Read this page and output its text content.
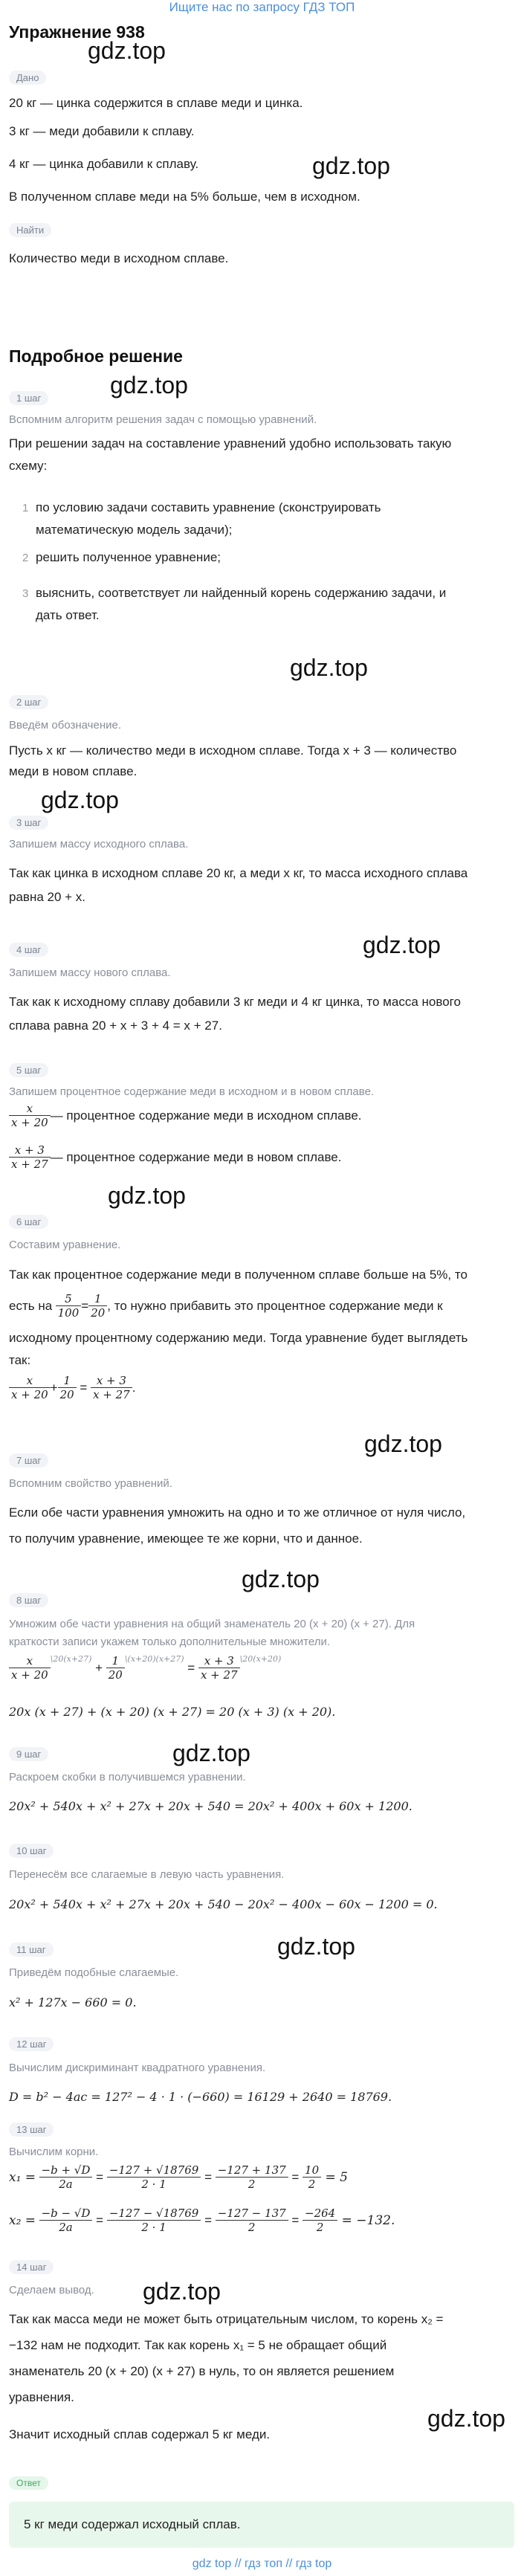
Ищите нас по запросу ГДЗ ТОП
Упражнение 938
gdz.top
Дано
20 кг — цинка содержится в сплаве меди и цинка.
3 кг — меди добавили к сплаву.
gdz.top
4 кг — цинка добавили к сплаву.
В полученном сплаве меди на 5% больше, чем в исходном.
Найти
Количество меди в исходном сплаве.
Подробное решение
gdz.top
1 шаг
Вспомним алгоритм решения задач с помощью уравнений.
При решении задач на составление уравнений удобно использовать такую
схему:
1 по условию задачи составить уравнение (сконструировать
математическую модель задачи);
2 решить полученное уравнение;
3 выяснить, соответствует ли найденный корень содержанию задачи, и
дать ответ.
gdz.top
2 шаг
Введём обозначение.
Пусть x кг — количество меди в исходном сплаве. Тогда x + 3 — количество
меди в новом сплаве.
gdz.top
3 шаг
Запишем массу исходного сплава.
Так как цинка в исходном сплаве 20 кг, а меди x кг, то масса исходного сплава
равна 20 + x.
gdz.top
4 шаг
Запишем массу нового сплава.
Так как к исходному сплаву добавили 3 кг меди и 4 кг цинка, то масса нового
сплава равна 20 + x + 3 + 4 = x + 27.
5 шаг
Запишем процентное содержание меди в исходном и в новом сплаве.
$\frac{x}{x + 20}$ — процентное содержание меди в исходном сплаве.
$\frac{x + 3}{x + 27}$ — процентное содержание меди в новом сплаве.
gdz.top
6 шаг
Составим уравнение.
Так как процентное содержание меди в полученном сплаве больше на 5%, то
есть на
$\frac{5}{100} = \frac{1}{20}$ , то нужно прибавить это процентное содержание меди к
исходному процентному содержанию меди. Тогда уравнение будет выглядеть
так:
$\frac{x}{x + 20} + \frac{1}{20} = \frac{x + 3}{x + 27}$ .
gdz.top
7 шаг
Вспомним свойство уравнений.
Если обе части уравнения умножить на одно и то же отличное от нуля число,
то получим уравнение, имеющее те же корни, что и данное.
gdz.top
8 шаг
Умножим обе части уравнения на общий знаменатель 20 (x + 20) (x + 27). Для
краткости записи укажем только дополнительные множители.
$\frac{x}{x + 20}$ \20(x+27)
+ $\frac{1}{20}$ \(x+20)(x+27)
= $\frac{x + 3}{x + 27}$ \20(x+20)
20x (x + 27) + (x + 20) (x + 27) = 20 (x + 3) (x + 20).
gdz.top
9 шаг
Раскроем скобки в получившемся уравнении.
20x² + 540x + x² + 27x + 20x + 540 = 20x² + 400x + 60x + 1200.
10 шаг
Перенесём все слагаемые в левую часть уравнения.
20x² + 540x + x² + 27x + 20x + 540 − 20x² − 400x − 60x − 1200 = 0.
gdz.top
11 шаг
Приведём подобные слагаемые.
x² + 127x − 660 = 0.
12 шаг
Вычислим дискриминант квадратного уравнения.
D = b² − 4ac = 127² − 4 · 1 · (−660) = 16129 + 2640 = 18769.
13 шаг
Вычислим корни.
x₁ =
$\frac{-b + √D}{2a} = \frac{-127 + √18769}{2 \cdot 1} = \frac{-127 + 137}{2} = \frac{10}{2}$
= 5
x₂ =
$\frac{-b - √D}{2a} = \frac{-127 - √18769}{2 \cdot 1} = \frac{-127 - 137}{2} = \frac{-264}{2}$
= −132.
gdz.top
14 шаг
Сделаем вывод.
Так как масса меди не может быть отрицательным числом, то корень x₂ =
−132 нам не подходит. Так как корень x₁ = 5 не обращает общий
знаменатель 20 (x + 20) (x + 27) в нуль, то он является решением
уравнения.
gdz.top
Значит исходный сплав содержал 5 кг меди.
Ответ
5 кг меди содержал исходный сплав.
gdz top // гдз топ // гдз top
